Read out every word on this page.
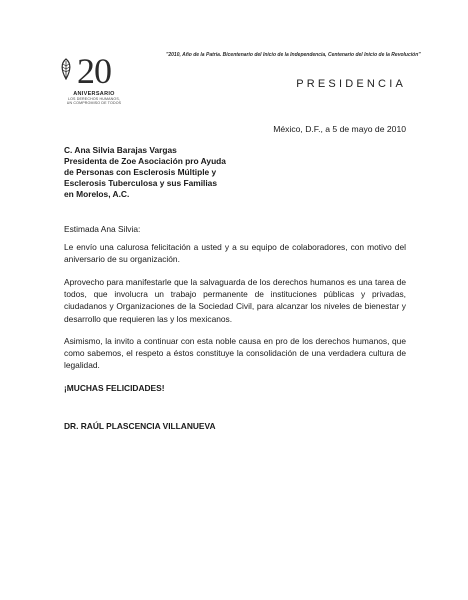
20
ANIVERSARIO
LOS DERECHOS HUMANOS,
UN COMPROMISO DE TODOS
"2010, Año de la Patria. Bicentenario del Inicio de la Independencia, Centenario del Inicio de la Revolución"
PRESIDENCIA
México, D.F., a 5 de mayo de 2010
C. Ana Silvia Barajas Vargas
Presidenta de Zoe Asociación pro Ayuda
de Personas con Esclerosis Múltiple y
Esclerosis Tuberculosa y sus Familias
en Morelos, A.C.
Estimada Ana Silvia:
Le envío una calurosa felicitación a usted y a su equipo de colaboradores, con motivo del aniversario de su organización.
Aprovecho para manifestarle que la salvaguarda de los derechos humanos es una tarea de todos, que involucra un trabajo permanente de instituciones públicas y privadas, ciudadanos y Organizaciones de la Sociedad Civil, para alcanzar los niveles de bienestar y desarrollo que requieren las y los mexicanos.
Asimismo, la invito a continuar con esta noble causa en pro de los derechos humanos, que como sabemos, el respeto a éstos constituye la consolidación de una verdadera cultura de legalidad.
¡MUCHAS FELICIDADES!
DR. RAÚL PLASCENCIA VILLANUEVA
